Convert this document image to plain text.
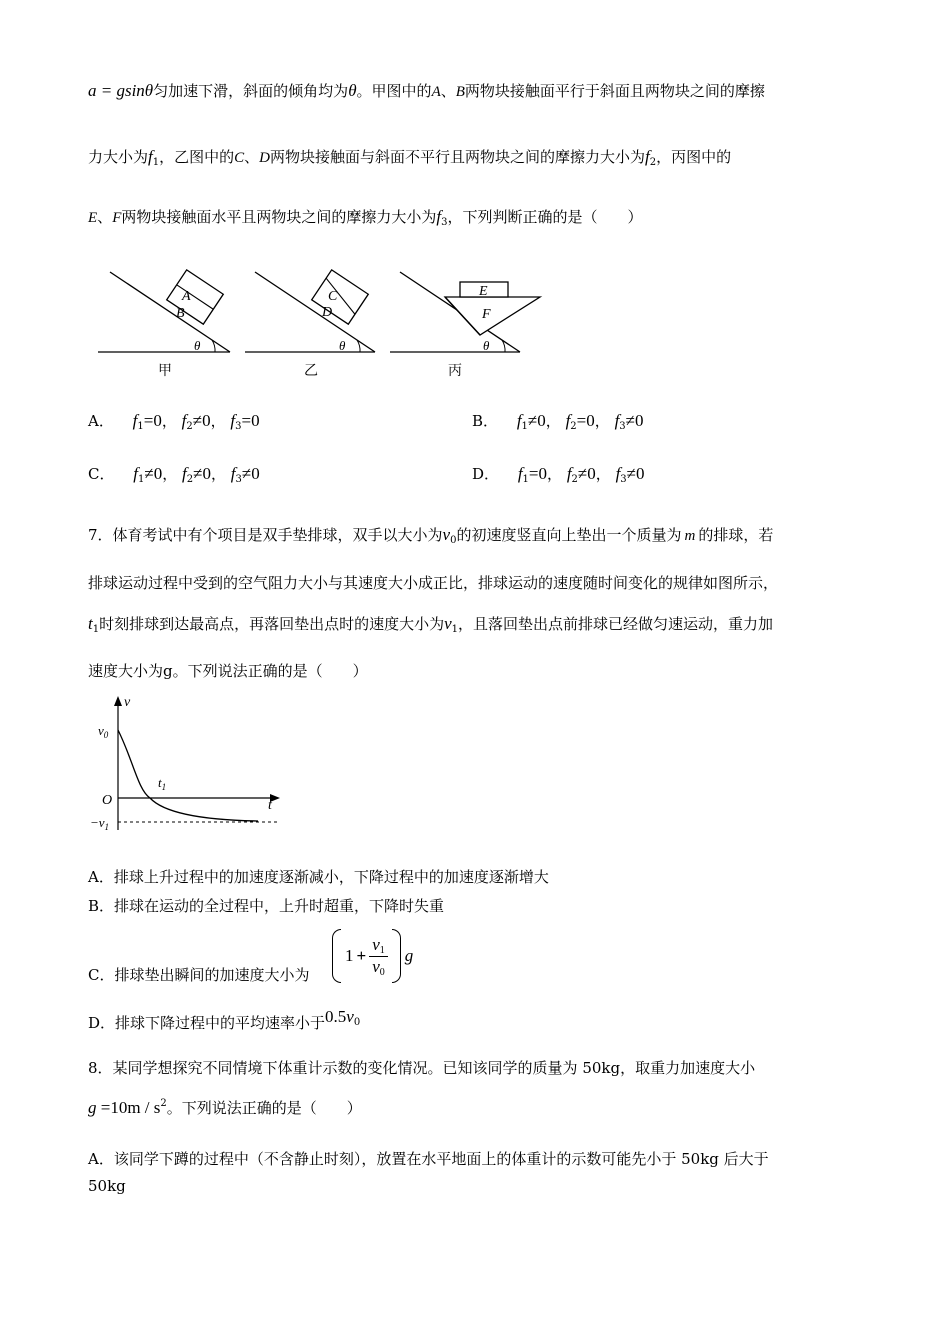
a = gsinθ匀加速下滑，斜面的倾角均为θ。甲图中的A、B两物块接触面平行于斜面且两物块之间的摩擦
力大小为$f_1$，乙图中的C、D两物块接触面与斜面不平行且两物块之间的摩擦力大小为$f_2$，丙图中的
E、F两物块接触面水平且两物块之间的摩擦力大小为$f_3$，下列判断正确的是（　　）
A
B
θ
甲
C
D
θ
乙
E
F
θ
丙
A． $f_1=0$， $f_2\ne 0$， $f_3=0$	B． $f_1\ne 0$， $f_2=0$， $f_3\ne 0$
C． $f_1\ne 0$， $f_2\ne 0$， $f_3\ne 0$	D． $f_1=0$， $f_2\ne 0$， $f_3\ne 0$
7．体育考试中有个项目是双手垫排球，双手以大小为$v_0$的初速度竖直向上垫出一个质量为 m 的排球，若
排球运动过程中受到的空气阻力大小与其速度大小成正比，排球运动的速度随时间变化的规律如图所示，
$t_1$时刻排球到达最高点，再落回垫出点时的速度大小为$v_1$，且落回垫出点前排球已经做匀速运动，重力加
速度大小为g。下列说法正确的是（　　）
v
t
O
$v_0$
$t_1$
$-v_1$
A．排球上升过程中的加速度逐渐减小，下降过程中的加速度逐渐增大
B．排球在运动的全过程中，上升时超重，下降时失重
C．排球垫出瞬间的加速度大小为
$1 + \frac{v_1}{v_0}$ g
D．排球下降过程中的平均速率小于$0.5v^0$
8．某同学想探究不同情境下体重计示数的变化情况。已知该同学的质量为 50kg，取重力加速度大小
$g =10m / s^2$。下列说法正确的是（　　）
A．该同学下蹲的过程中（不含静止时刻），放置在水平地面上的体重计的示数可能先小于 50kg 后大于
50kg
